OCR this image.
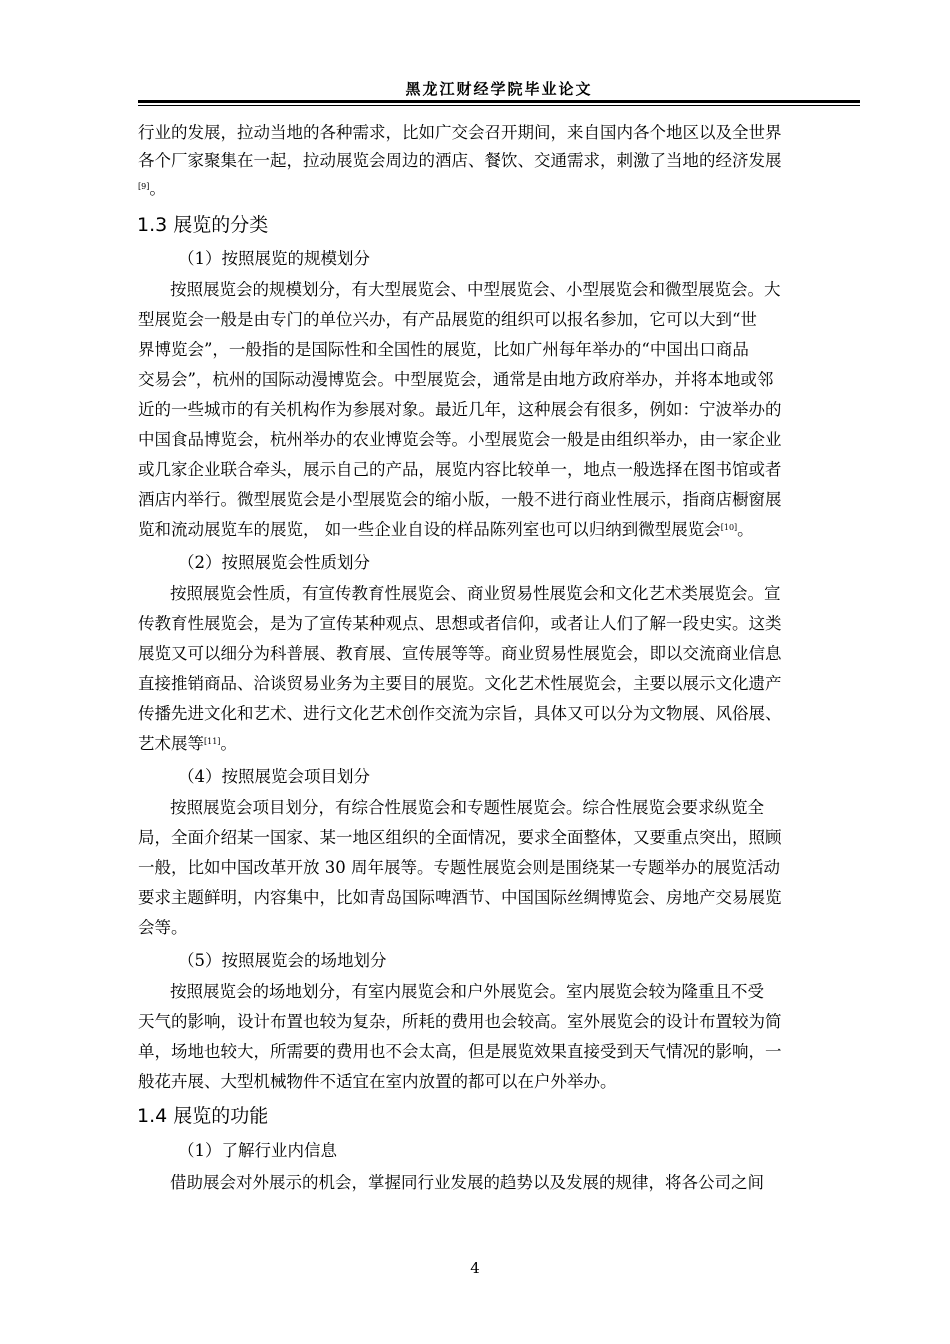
黑龙江财经学院毕业论文
行业的发展，拉动当地的各种需求，比如广交会召开期间，来自国内各个地区以及全世界
各个厂家聚集在一起，拉动展览会周边的酒店、餐饮、交通需求，刺激了当地的经济发展
[9]。
1.3 展览的分类
（1）按照展览的规模划分
按照展览会的规模划分，有大型展览会、中型展览会、小型展览会和微型展览会。大
型展览会一般是由专门的单位兴办，有产品展览的组织可以报名参加，它可以大到“世
界博览会”，一般指的是国际性和全国性的展览，比如广州每年举办的“中国出口商品
交易会”，杭州的国际动漫博览会。中型展览会，通常是由地方政府举办，并将本地或邻
近的一些城市的有关机构作为参展对象。最近几年，这种展会有很多，例如：宁波举办的
中国食品博览会，杭州举办的农业博览会等。小型展览会一般是由组织举办，由一家企业
或几家企业联合牵头，展示自己的产品，展览内容比较单一，地点一般选择在图书馆或者
酒店内举行。微型展览会是小型展览会的缩小版，一般不进行商业性展示，指商店橱窗展
览和流动展览车的展览， 如一些企业自设的样品陈列室也可以归纳到微型展览会[10]。
（2）按照展览会性质划分
按照展览会性质，有宣传教育性展览会、商业贸易性展览会和文化艺术类展览会。宣
传教育性展览会，是为了宣传某种观点、思想或者信仰，或者让人们了解一段史实。这类
展览又可以细分为科普展、教育展、宣传展等等。商业贸易性展览会，即以交流商业信息
直接推销商品、洽谈贸易业务为主要目的展览。文化艺术性展览会，主要以展示文化遗产
传播先进文化和艺术、进行文化艺术创作交流为宗旨，具体又可以分为文物展、风俗展、
艺术展等[11]。
（4）按照展览会项目划分
按照展览会项目划分，有综合性展览会和专题性展览会。综合性展览会要求纵览全
局，全面介绍某一国家、某一地区组织的全面情况，要求全面整体，又要重点突出，照顾
一般，比如中国改革开放 30 周年展等。专题性展览会则是围绕某一专题举办的展览活动
要求主题鲜明，内容集中，比如青岛国际啤酒节、中国国际丝绸博览会、房地产交易展览
会等。
（5）按照展览会的场地划分
按照展览会的场地划分，有室内展览会和户外展览会。室内展览会较为隆重且不受
天气的影响，设计布置也较为复杂，所耗的费用也会较高。室外展览会的设计布置较为简
单，场地也较大，所需要的费用也不会太高，但是展览效果直接受到天气情况的影响，一
般花卉展、大型机械物件不适宜在室内放置的都可以在户外举办。
1.4 展览的功能
（1）了解行业内信息
借助展会对外展示的机会，掌握同行业发展的趋势以及发展的规律，将各公司之间
4
